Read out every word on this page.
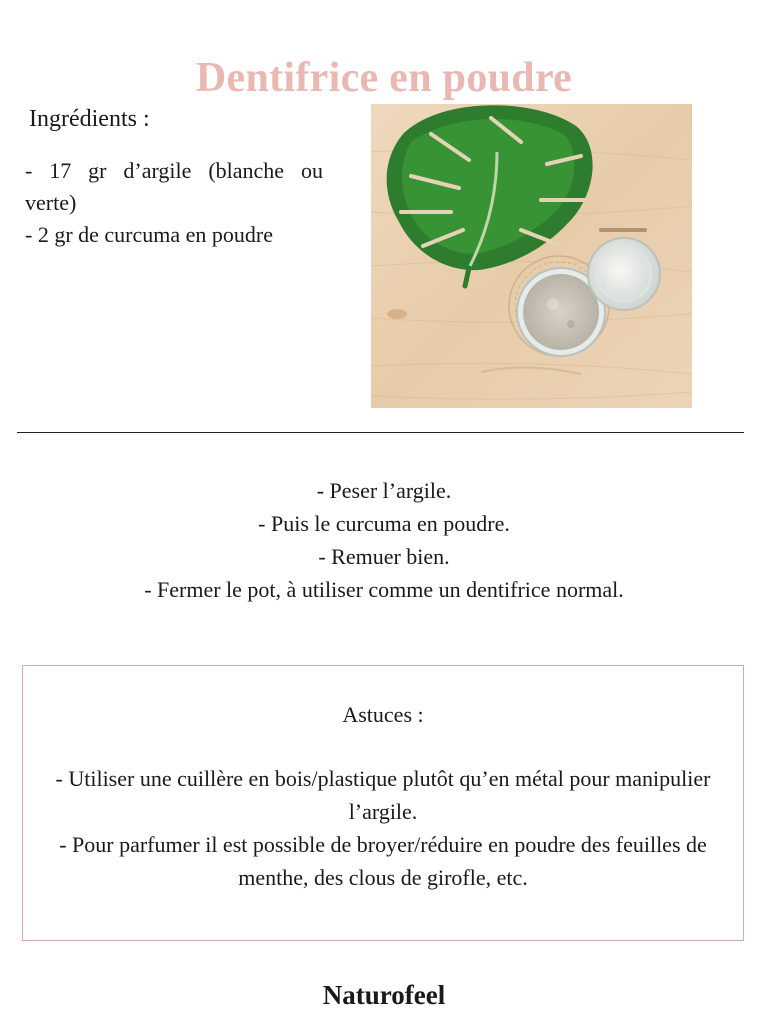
Dentifrice en poudre
Ingrédients :
- 17 gr d’argile (blanche ou
verte)
- 2 gr de curcuma en poudre
- Peser l’argile.
- Puis le curcuma en poudre.
- Remuer bien.
- Fermer le pot, à utiliser comme un dentifrice normal.
Astuces :
- Utiliser une cuillère en bois/plastique plutôt qu’en métal pour manipulier l’argile.
- Pour parfumer il est possible de broyer/réduire en poudre des feuilles de menthe, des clous de girofle, etc.
Naturofeel
